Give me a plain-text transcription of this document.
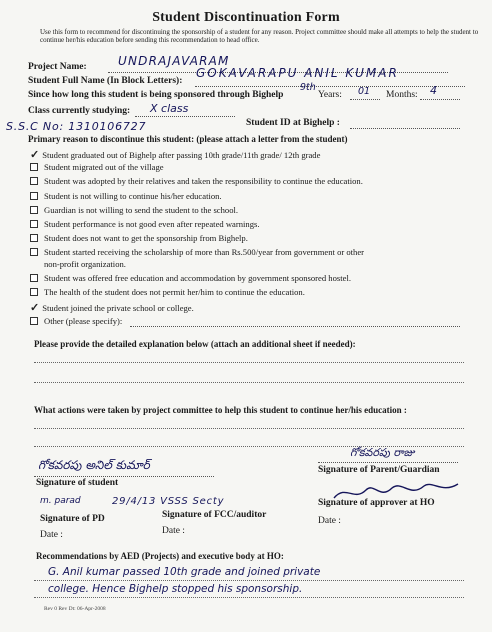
Student Discontinuation Form
Use this form to recommend for discontinuing the sponsorship of a student for any reason. Project committee should make all attempts to help the student to continue her/his education before sending this recommendation to head office.
Project Name:	UNDRAJAVARAM
Student Full Name (In Block Letters):
GOKAVARAPU ANIL KUMAR
Since how long this student is being sponsored through Bighelp
9th
Years: 01 Months: 4
Class currently studying: X class
Student ID at Bighelp :
S.S.C No: 1310106727
Primary reason to discontinue this student: (please attach a letter from the student)
✓ Student graduated out of Bighelp after passing 10th grade/11th grade/ 12th grade
Student migrated out of the village
Student was adopted by their relatives and taken the responsibility to continue the education.
Student is not willing to continue his/her education.
Guardian is not willing to send the student to the school.
Student performance is not good even after repeated warnings.
Student does not want to get the sponsorship from Bighelp.
Student started receiving the scholarship of more than Rs.500/year from government or other
non-profit organization.
Student was offered free education and accommodation by government sponsored hostel.
The health of the student does not permit her/him to continue the education.
✓ Student joined the private school or college.
Other (please specify):
Please provide the detailed explanation below (attach an additional sheet if needed):
What actions were taken by project committee to help this student to continue her/his education :
గోకవరపు అనిల్ కుమార్
Signature of student
గోకవరపు రాజు
Signature of Parent/Guardian
m. parad	29/4/13 VSSS Secty
Signature of PD	Signature of FCC/auditor
Signature of approver at HO
Date :	Date :
Date :
Recommendations by AED (Projects) and executive body at HO:
G. Anil kumar passed 10th grade and joined private
college. Hence Bighelp stopped his sponsorship.
Rev 0 Rev Dt: 06-Apr-2008
